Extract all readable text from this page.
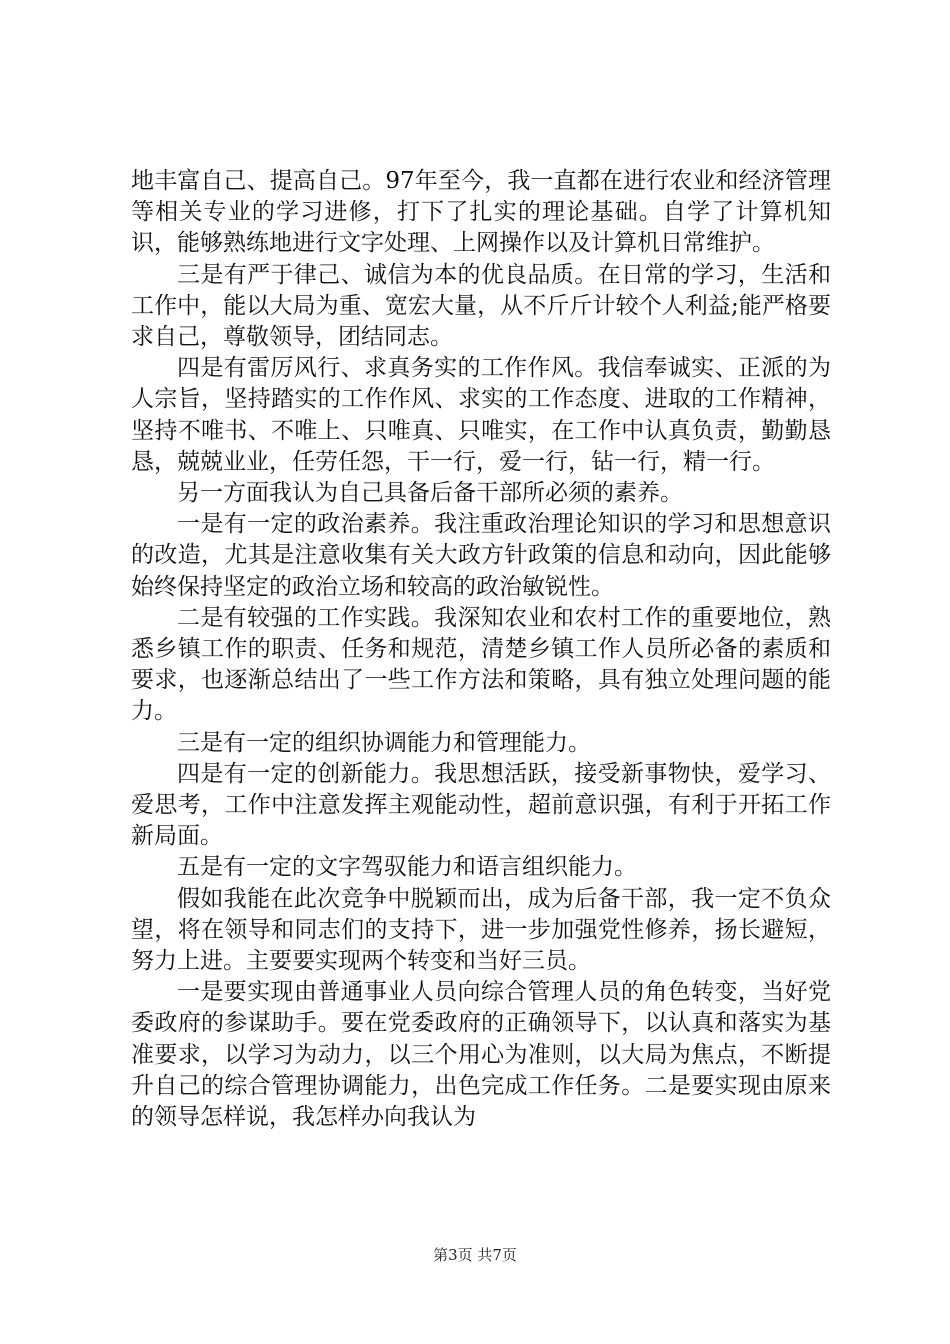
地丰富自己、提高自己。97年至今，我一直都在进行农业和经济管理等相关专业的学习进修，打下了扎实的理论基础。自学了计算机知识，能够熟练地进行文字处理、上网操作以及计算机日常维护。

三是有严于律己、诚信为本的优良品质。在日常的学习，生活和工作中，能以大局为重、宽宏大量，从不斤斤计较个人利益;能严格要求自己，尊敬领导，团结同志。

四是有雷厉风行、求真务实的工作作风。我信奉诚实、正派的为人宗旨，坚持踏实的工作作风、求实的工作态度、进取的工作精神，坚持不唯书、不唯上、只唯真、只唯实，在工作中认真负责，勤勤恳恳，兢兢业业，任劳任怨，干一行，爱一行，钻一行，精一行。

另一方面我认为自己具备后备干部所必须的素养。

一是有一定的政治素养。我注重政治理论知识的学习和思想意识的改造，尤其是注意收集有关大政方针政策的信息和动向，因此能够始终保持坚定的政治立场和较高的政治敏锐性。

二是有较强的工作实践。我深知农业和农村工作的重要地位，熟悉乡镇工作的职责、任务和规范，清楚乡镇工作人员所必备的素质和要求，也逐渐总结出了一些工作方法和策略，具有独立处理问题的能力。

三是有一定的组织协调能力和管理能力。

四是有一定的创新能力。我思想活跃，接受新事物快，爱学习、爱思考，工作中注意发挥主观能动性，超前意识强，有利于开拓工作新局面。

五是有一定的文字驾驭能力和语言组织能力。

假如我能在此次竞争中脱颖而出，成为后备干部，我一定不负众望，将在领导和同志们的支持下，进一步加强党性修养，扬长避短，努力上进。主要要实现两个转变和当好三员。

一是要实现由普通事业人员向综合管理人员的角色转变，当好党委政府的参谋助手。要在党委政府的正确领导下，以认真和落实为基准要求，以学习为动力，以三个用心为准则，以大局为焦点，不断提升自己的综合管理协调能力，出色完成工作任务。二是要实现由原来的领导怎样说，我怎样办向我认为

第3页 共7页
